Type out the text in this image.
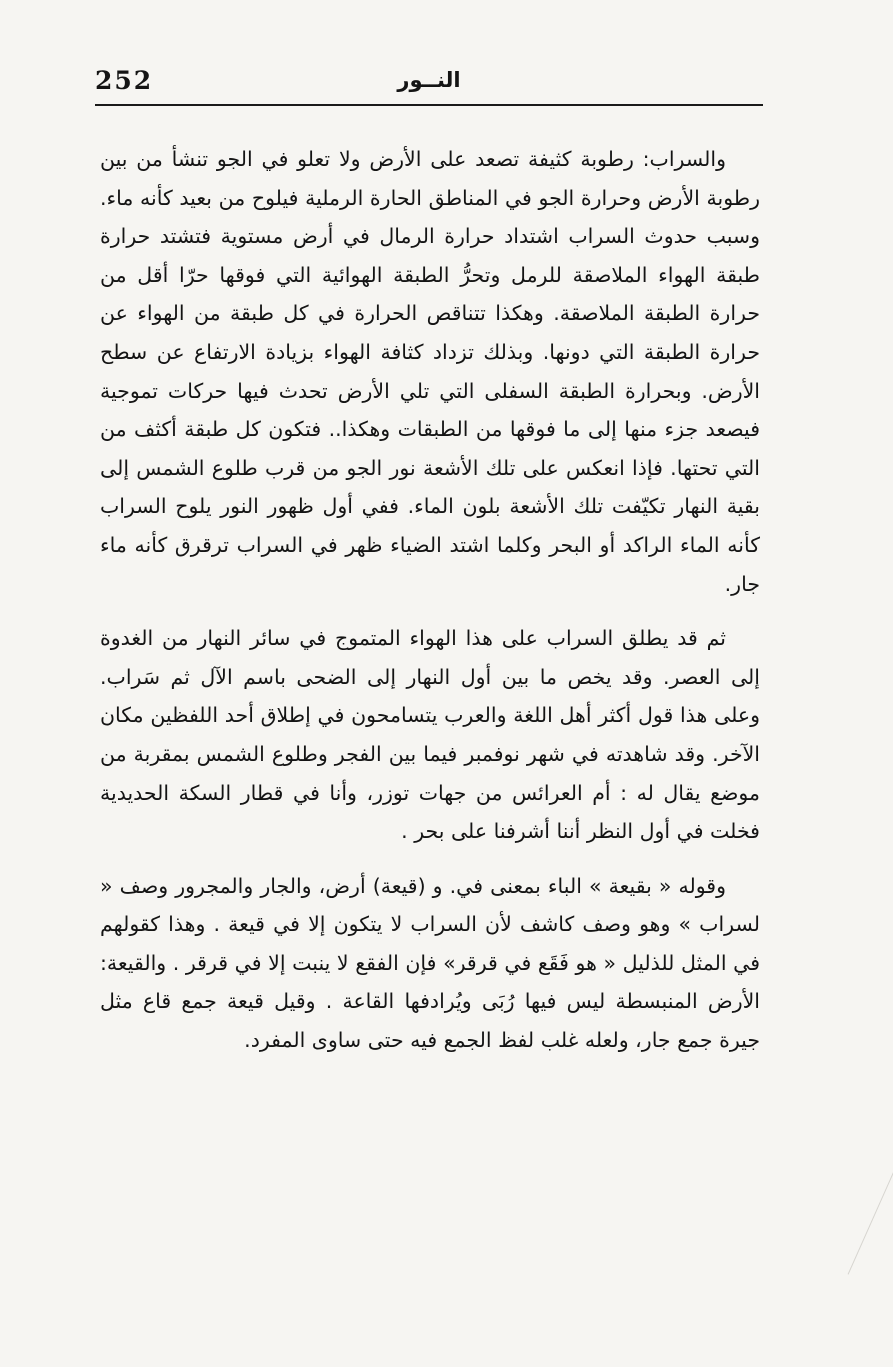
252	النــور

والسراب: رطوبة كثيفة تصعد على الأرض ولا تعلو في الجو تنشأ من بين رطوبة الأرض وحرارة الجو في المناطق الحارة الرملية فيلوح من بعيد كأنه ماء. وسبب حدوث السراب اشتداد حرارة الرمال في أرض مستوية فتشتد حرارة طبقة الهواء الملاصقة للرمل وتحرُّ الطبقة الهوائية التي فوقها حرّا أقل من حرارة الطبقة الملاصقة. وهكذا تتناقص الحرارة في كل طبقة من الهواء عن حرارة الطبقة التي دونها. وبذلك تزداد كثافة الهواء بزيادة الارتفاع عن سطح الأرض. وبحرارة الطبقة السفلى التي تلي الأرض تحدث فيها حركات تموجية فيصعد جزء منها إلى ما فوقها من الطبقات وهكذا.. فتكون كل طبقة أكثف من التي تحتها. فإذا انعكس على تلك الأشعة نور الجو من قرب طلوع الشمس إلى بقية النهار تكيّفت تلك الأشعة بلون الماء. ففي أول ظهور النور يلوح السراب كأنه الماء الراكد أو البحر وكلما اشتد الضياء ظهر في السراب ترقرق كأنه ماء جار.

ثم قد يطلق السراب على هذا الهواء المتموج في سائر النهار من الغدوة إلى العصر. وقد يخص ما بين أول النهار إلى الضحى باسم الآل ثم سَراب. وعلى هذا قول أكثر أهل اللغة والعرب يتسامحون في إطلاق أحد اللفظين مكان الآخر. وقد شاهدته في شهر نوفمبر فيما بين الفجر وطلوع الشمس بمقربة من موضع يقال له : أم العرائس من جهات توزر، وأنا في قطار السكة الحديدية فخلت في أول النظر أننا أشرفنا على بحر .

وقوله « بقيعة » الباء بمعنى في. و (قيعة) أرض، والجار والمجرور وصف « لسراب » وهو وصف كاشف لأن السراب لا يتكون إلا في قيعة . وهذا كقولهم في المثل للذليل « هو فَقَع في قرقر» فإن الفقع لا ينبت إلا في قرقر . والقيعة: الأرض المنبسطة ليس فيها رُبَى ويُرادفها القاعة . وقيل قيعة جمع قاع مثل جيرة جمع جار، ولعله غلب لفظ الجمع فيه حتى ساوى المفرد.
